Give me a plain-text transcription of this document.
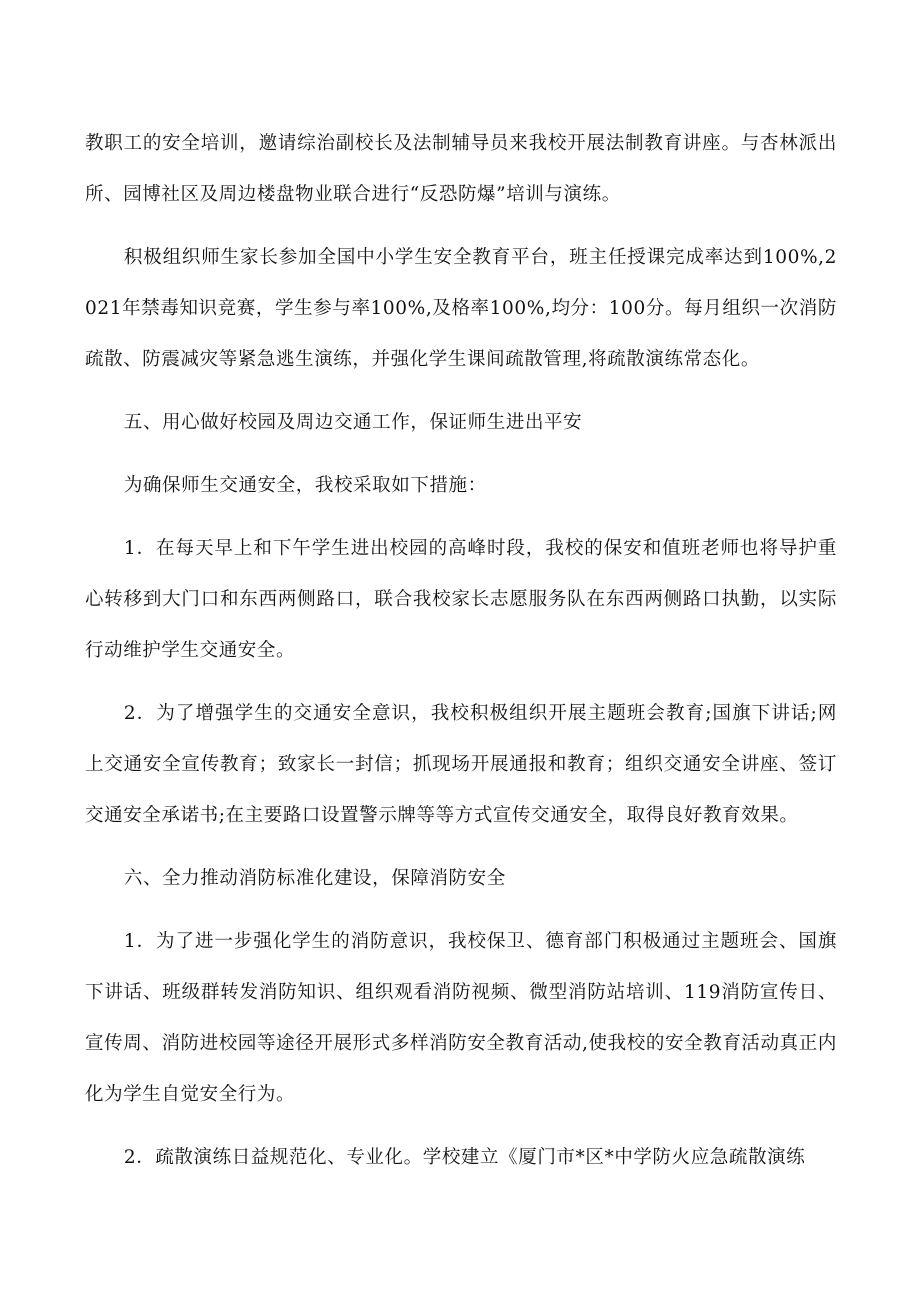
教职工的安全培训，邀请综治副校长及法制辅导员来我校开展法制教育讲座。与杏林派出所、园博社区及周边楼盘物业联合进行“反恐防爆”培训与演练。

积极组织师生家长参加全国中小学生安全教育平台，班主任授课完成率达到100%,2021年禁毒知识竞赛，学生参与率100%,及格率100%,均分：100分。每月组织一次消防疏散、防震减灾等紧急逃生演练，并强化学生课间疏散管理,将疏散演练常态化。

五、用心做好校园及周边交通工作，保证师生进出平安

为确保师生交通安全，我校采取如下措施：

1．在每天早上和下午学生进出校园的高峰时段，我校的保安和值班老师也将导护重心转移到大门口和东西两侧路口，联合我校家长志愿服务队在东西两侧路口执勤，以实际行动维护学生交通安全。

2．为了增强学生的交通安全意识，我校积极组织开展主题班会教育;国旗下讲话;网上交通安全宣传教育；致家长一封信；抓现场开展通报和教育；组织交通安全讲座、签订交通安全承诺书;在主要路口设置警示牌等等方式宣传交通安全，取得良好教育效果。

六、全力推动消防标准化建设，保障消防安全

1．为了进一步强化学生的消防意识，我校保卫、德育部门积极通过主题班会、国旗下讲话、班级群转发消防知识、组织观看消防视频、微型消防站培训、119消防宣传日、宣传周、消防进校园等途径开展形式多样消防安全教育活动,使我校的安全教育活动真正内化为学生自觉安全行为。

2．疏散演练日益规范化、专业化。学校建立《厦门市*区*中学防火应急疏散演练
